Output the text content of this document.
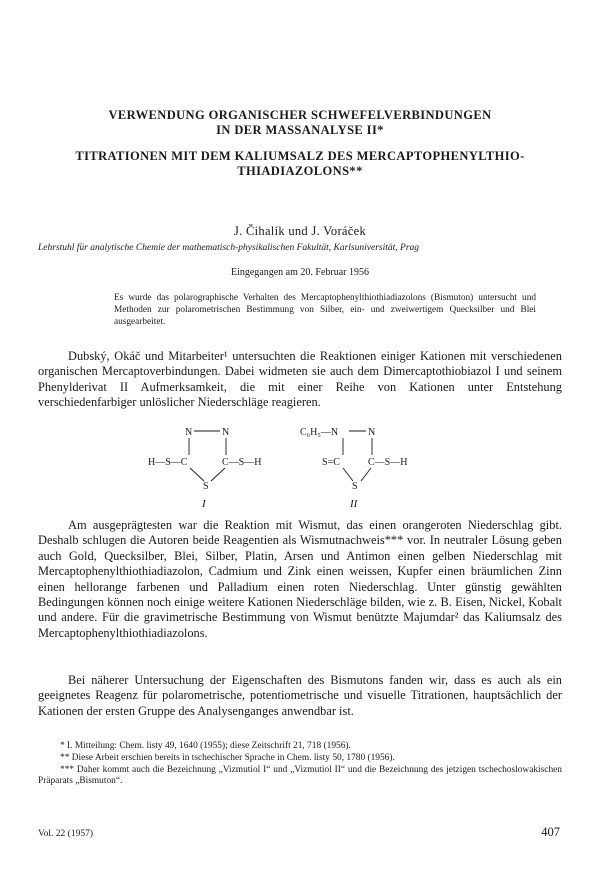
VERWENDUNG ORGANISCHER SCHWEFELVERBINDUNGEN
IN DER MASSANALYSE II*
TITRATIONEN MIT DEM KALIUMSALZ DES MERCAPTOPHENYLTHIO-
THIADIAZOLONS**
J. Čihalík und J. Voráček
Lehrstuhl für analytische Chemie der mathematisch-physikalischen Fakultät, Karlsuniversität, Prag
Eingegangen am 20. Februar 1956
Es wurde das polarographische Verhalten des Mercaptophenylthiothiadiazolons (Bismuton) untersucht und Methoden zur polarometrischen Bestimmung von Silber, ein- und zweiwertigem Quecksilber und Blei ausgearbeitet.

Dubský, Okáč und Mitarbeiter¹ untersuchten die Reaktionen einiger Kationen mit verschiedenen organischen Mercaptoverbindungen. Dabei widmeten sie auch dem Dimercaptothiobiazol I und seinem Phenylderivat II Aufmerksamkeit, die mit einer Reihe von Kationen unter Entstehung verschiedenfarbiger unlöslicher Niederschläge reagieren.

N	N
H—S—C	C—S—H
S
I
C₆H₅—N	N
S=C	C—S—H
S
II

Am ausgeprägtesten war die Reaktion mit Wismut, das einen orangeroten Niederschlag gibt. Deshalb schlugen die Autoren beide Reagentien als Wismutnachweis*** vor. In neutraler Lösung geben auch Gold, Quecksilber, Blei, Silber, Platin, Arsen und Antimon einen gelben Niederschlag mit Mercaptophenylthiothiadiazolon, Cadmium und Zink einen weissen, Kupfer einen bräumlichen Zinn einen hellorange farbenen und Palladium einen roten Niederschlag. Unter günstig gewählten Bedingungen können noch einige weitere Kationen Niederschläge bilden, wie z. B. Eisen, Nickel, Kobalt und andere. Für die gravimetrische Bestimmung von Wismut benützte Majumdar² das Kaliumsalz des Mercaptophenylthiothiadiazolons.

Bei näherer Untersuchung der Eigenschaften des Bismutons fanden wir, dass es auch als ein geeignetes Reagenz für polarometrische, potentiometrische und visuelle Titrationen, hauptsächlich der Kationen der ersten Gruppe des Analysenganges anwendbar ist.

* I. Mitteilung: Chem. listy 49, 1640 (1955); diese Zeitschrift 21, 718 (1956).
** Diese Arbeit erschien bereits in tschechischer Sprache in Chem. listy 50, 1780 (1956).
*** Daher kommt auch die Bezeichnung „Vizmutiol I“ und „Vizmutiol II“ und die Bezeichnung des jetzigen tschechoslowakischen Präparats „Bismuton“.
Vol. 22 (1957)	407
